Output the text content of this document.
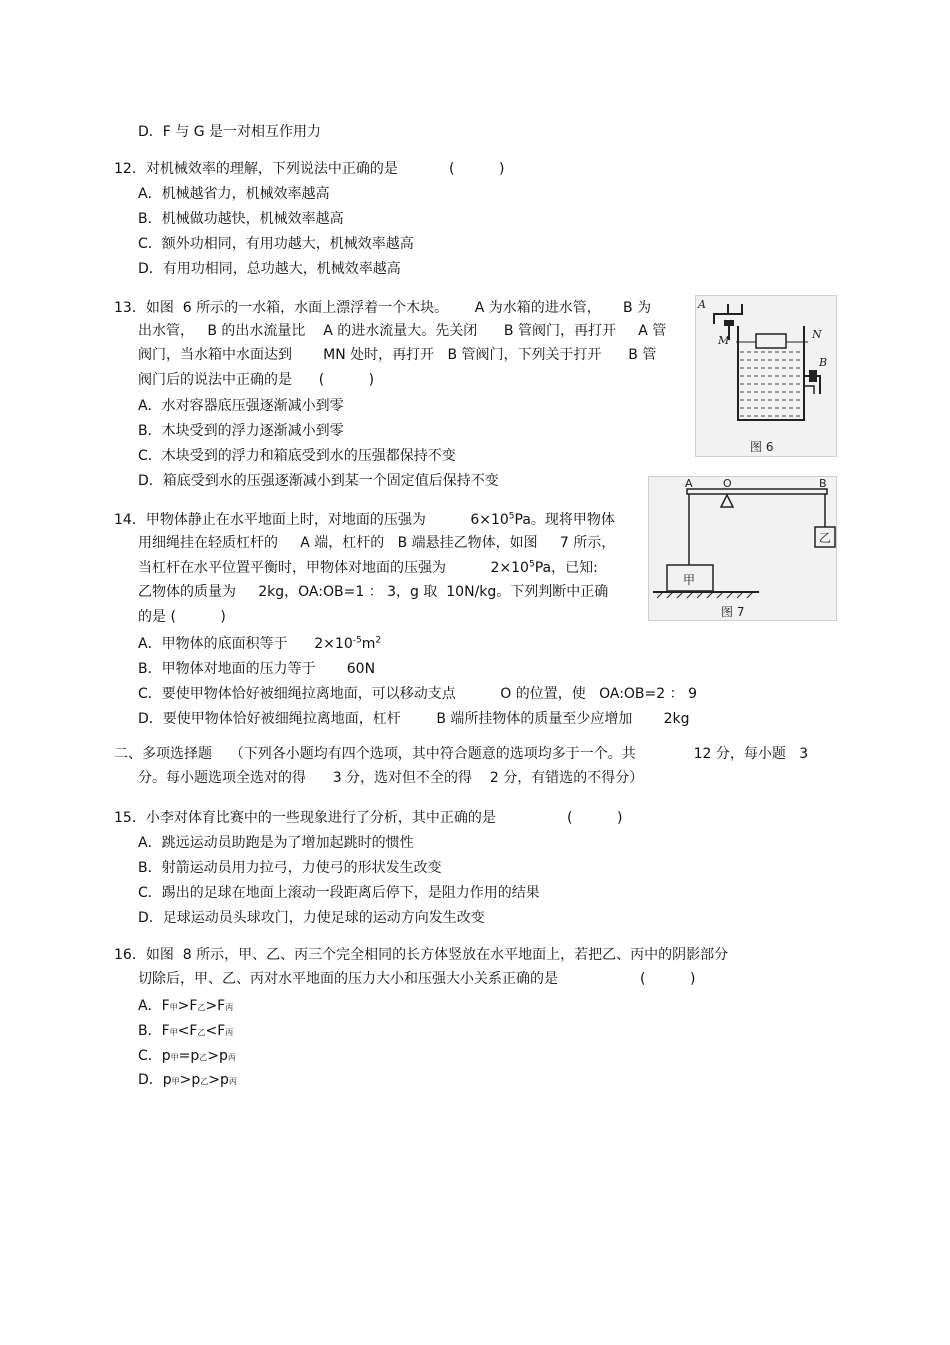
D．F 与 G 是一对相互作用力
12．对机械效率的理解，下列说法中正确的是	(          )
A．机械越省力，机械效率越高
B．机械做功越快，机械效率越高
C．额外功相同，有用功越大，机械效率越高
D．有用功相同，总功越大，机械效率越高
13．如图  6 所示的一水箱，水面上漂浮着一个木块。      A 为水箱的进水管，     B 为
出水管，   B 的出水流量比    A 的进水流量大。先关闭      B 管阀门，再打开     A 管
阀门，当水箱中水面达到       MN 处时，再打开   B 管阀门，下列关于打开      B 管
阀门后的说法中正确的是      (          )
A．水对容器底压强逐渐减小到零
B．木块受到的浮力逐渐减小到零
C．木块受到的浮力和箱底受到水的压强都保持不变
D．箱底受到水的压强逐渐减小到某一个固定值后保持不变
A
M	N
B
图 6
14．甲物体静止在水平地面上时，对地面的压强为          $6\times 10^5Pa$。现将甲物体
用细绳挂在轻质杠杆的     A 端，杠杆的   B 端悬挂乙物体，如图     7 所示，
当杠杆在水平位置平衡时，甲物体对地面的压强为          $2\times 10^5Pa$，已知:
乙物体的质量为     2kg，OA:OB=1 ： 3，g 取  10N/kg。下列判断中正确
的是 (          )
A．甲物体的底面积等于      $2\times 10^{-5}m^2$
B．甲物体对地面的压力等于       60N
C．要使甲物体恰好被细绳拉离地面，可以移动支点          O 的位置，使   OA:OB=2 ： 9
D．要使甲物体恰好被细绳拉离地面，杠杆        B 端所挂物体的质量至少应增加       2kg
A	O	B
甲
乙
图 7
二、多项选择题    （下列各小题均有四个选项，其中符合题意的选项均多于一个。共             12 分，每小题   3
分。每小题选项全选对的得      3 分，选对但不全的得    2 分，有错选的不得分）
15．小李对体育比赛中的一些现象进行了分析，其中正确的是	(          )
A．跳远运动员助跑是为了增加起跳时的惯性
B．射箭运动员用力拉弓，力使弓的形状发生改变
C．踢出的足球在地面上滚动一段距离后停下，是阻力作用的结果
D．足球运动员头球攻门，力使足球的运动方向发生改变
16．如图  8 所示，甲、乙、丙三个完全相同的长方体竖放在水平地面上，若把乙、丙中的阴影部分
切除后，甲、乙、丙对水平地面的压力大小和压强大小关系正确的是	(          )
A．F甲>F乙>F丙
B．F甲<F乙<F丙
C．p甲=p乙>p丙
D．p甲>p乙>p丙
